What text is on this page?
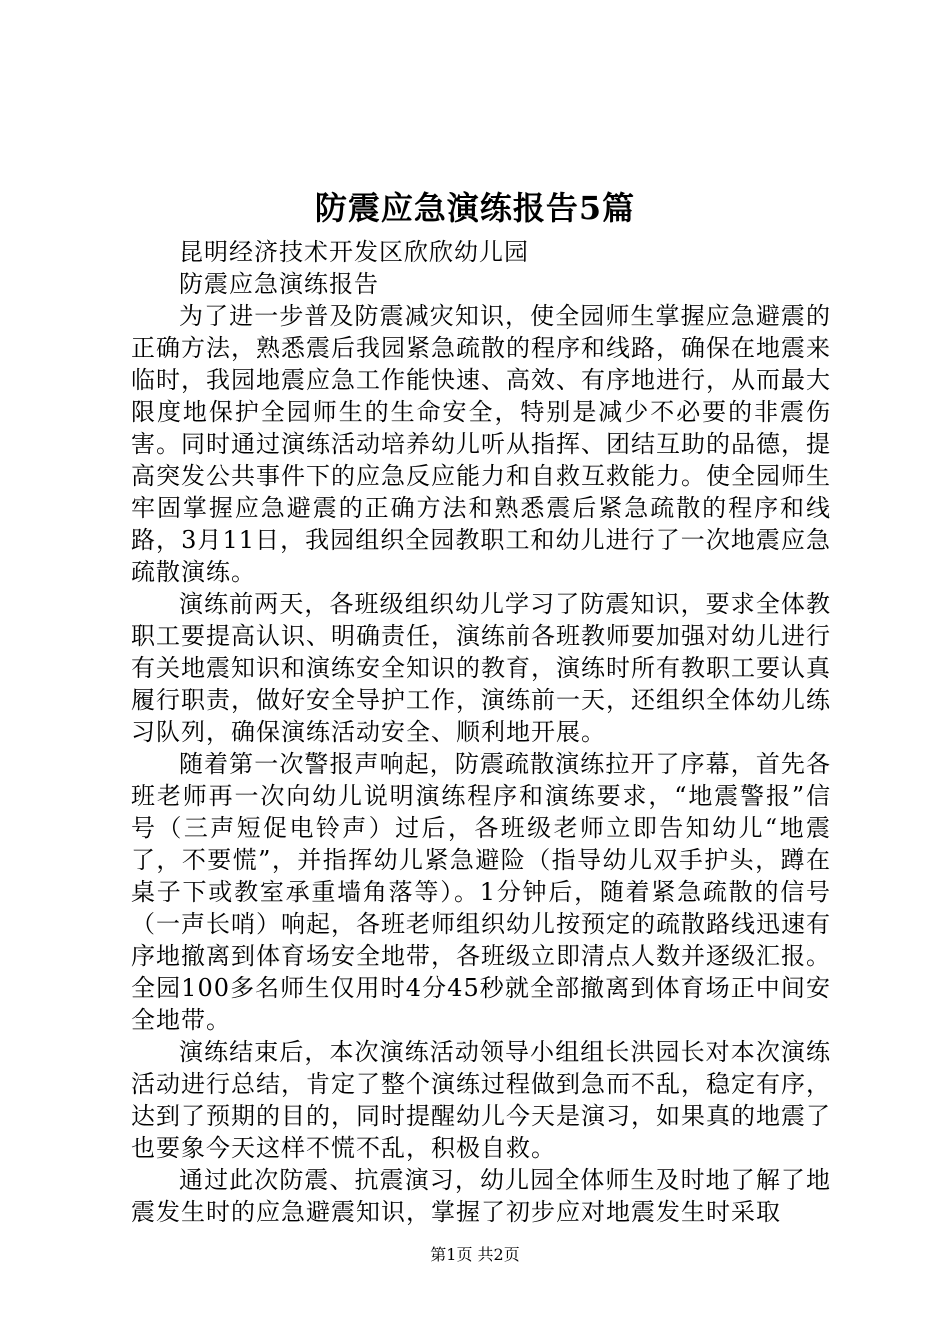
防震应急演练报告5篇

昆明经济技术开发区欣欣幼儿园

防震应急演练报告

为了进一步普及防震减灾知识，使全园师生掌握应急避震的正确方法，熟悉震后我园紧急疏散的程序和线路，确保在地震来临时，我园地震应急工作能快速、高效、有序地进行，从而最大限度地保护全园师生的生命安全，特别是减少不必要的非震伤害。同时通过演练活动培养幼儿听从指挥、团结互助的品德，提高突发公共事件下的应急反应能力和自救互救能力。使全园师生牢固掌握应急避震的正确方法和熟悉震后紧急疏散的程序和线路，3月11日，我园组织全园教职工和幼儿进行了一次地震应急疏散演练。

演练前两天，各班级组织幼儿学习了防震知识，要求全体教职工要提高认识、明确责任，演练前各班教师要加强对幼儿进行有关地震知识和演练安全知识的教育，演练时所有教职工要认真履行职责，做好安全导护工作，演练前一天，还组织全体幼儿练习队列，确保演练活动安全、顺利地开展。

随着第一次警报声响起，防震疏散演练拉开了序幕，首先各班老师再一次向幼儿说明演练程序和演练要求，“地震警报”信号（三声短促电铃声）过后，各班级老师立即告知幼儿“地震了，不要慌”，并指挥幼儿紧急避险（指导幼儿双手护头，蹲在桌子下或教室承重墙角落等）。1分钟后，随着紧急疏散的信号（一声长哨）响起，各班老师组织幼儿按预定的疏散路线迅速有序地撤离到体育场安全地带，各班级立即清点人数并逐级汇报。全园100多名师生仅用时4分45秒就全部撤离到体育场正中间安全地带。

演练结束后，本次演练活动领导小组组长洪园长对本次演练活动进行总结，肯定了整个演练过程做到急而不乱，稳定有序，达到了预期的目的，同时提醒幼儿今天是演习，如果真的地震了也要象今天这样不慌不乱，积极自救。

通过此次防震、抗震演习，幼儿园全体师生及时地了解了地震发生时的应急避震知识，掌握了初步应对地震发生时采取

第1页 共2页
